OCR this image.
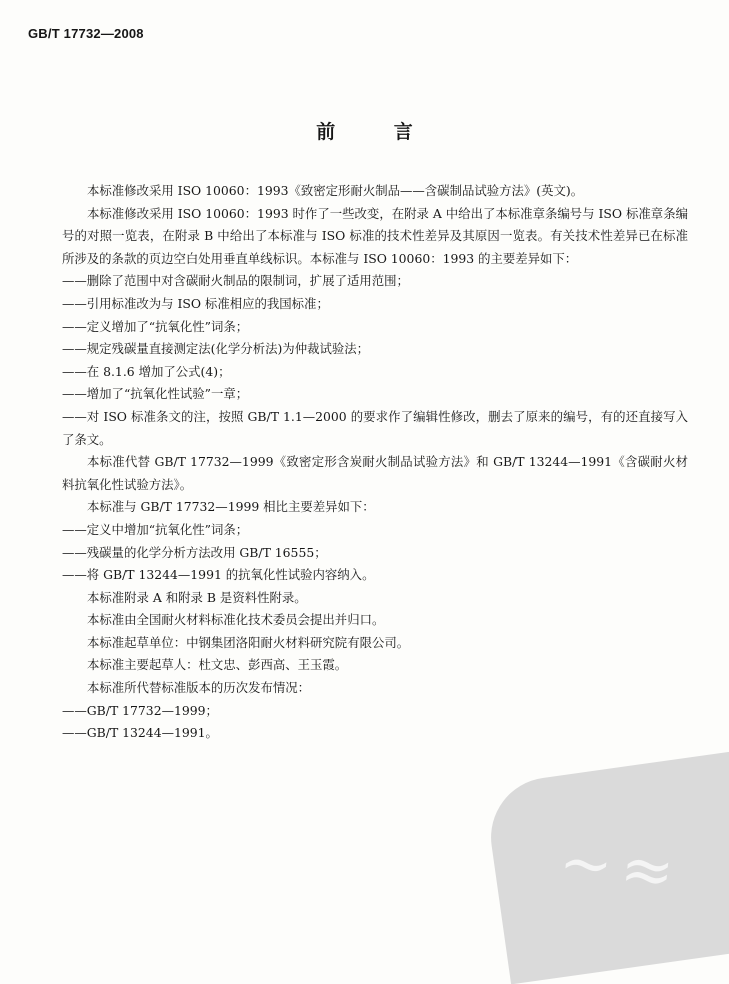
GB/T 17732—2008
前 言

本标准修改采用 ISO 10060：1993《致密定形耐火制品——含碳制品试验方法》(英文)。

本标准修改采用 ISO 10060：1993 时作了一些改变，在附录 A 中给出了本标准章条编号与 ISO 标准章条编号的对照一览表，在附录 B 中给出了本标准与 ISO 标准的技术性差异及其原因一览表。有关技术性差异已在标准所涉及的条款的页边空白处用垂直单线标识。本标准与 ISO 10060：1993 的主要差异如下：

——删除了范围中对含碳耐火制品的限制词，扩展了适用范围；

——引用标准改为与 ISO 标准相应的我国标准；

——定义增加了“抗氧化性”词条；

——规定残碳量直接测定法(化学分析法)为仲裁试验法；

——在 8.1.6 增加了公式(4)；

——增加了“抗氧化性试验”一章；

——对 ISO 标准条文的注，按照 GB/T 1.1—2000 的要求作了编辑性修改，删去了原来的编号，有的还直接写入了条文。

本标准代替 GB/T 17732—1999《致密定形含炭耐火制品试验方法》和 GB/T 13244—1991《含碳耐火材料抗氧化性试验方法》。

本标准与 GB/T 17732—1999 相比主要差异如下：

——定义中增加“抗氧化性”词条；

——残碳量的化学分析方法改用 GB/T 16555；

——将 GB/T 13244—1991 的抗氧化性试验内容纳入。

本标准附录 A 和附录 B 是资料性附录。

本标准由全国耐火材料标准化技术委员会提出并归口。

本标准起草单位：中钢集团洛阳耐火材料研究院有限公司。

本标准主要起草人：杜文忠、彭西高、王玉霞。

本标准所代替标准版本的历次发布情况：

——GB/T 17732—1999；

——GB/T 13244—1991。

~≈
